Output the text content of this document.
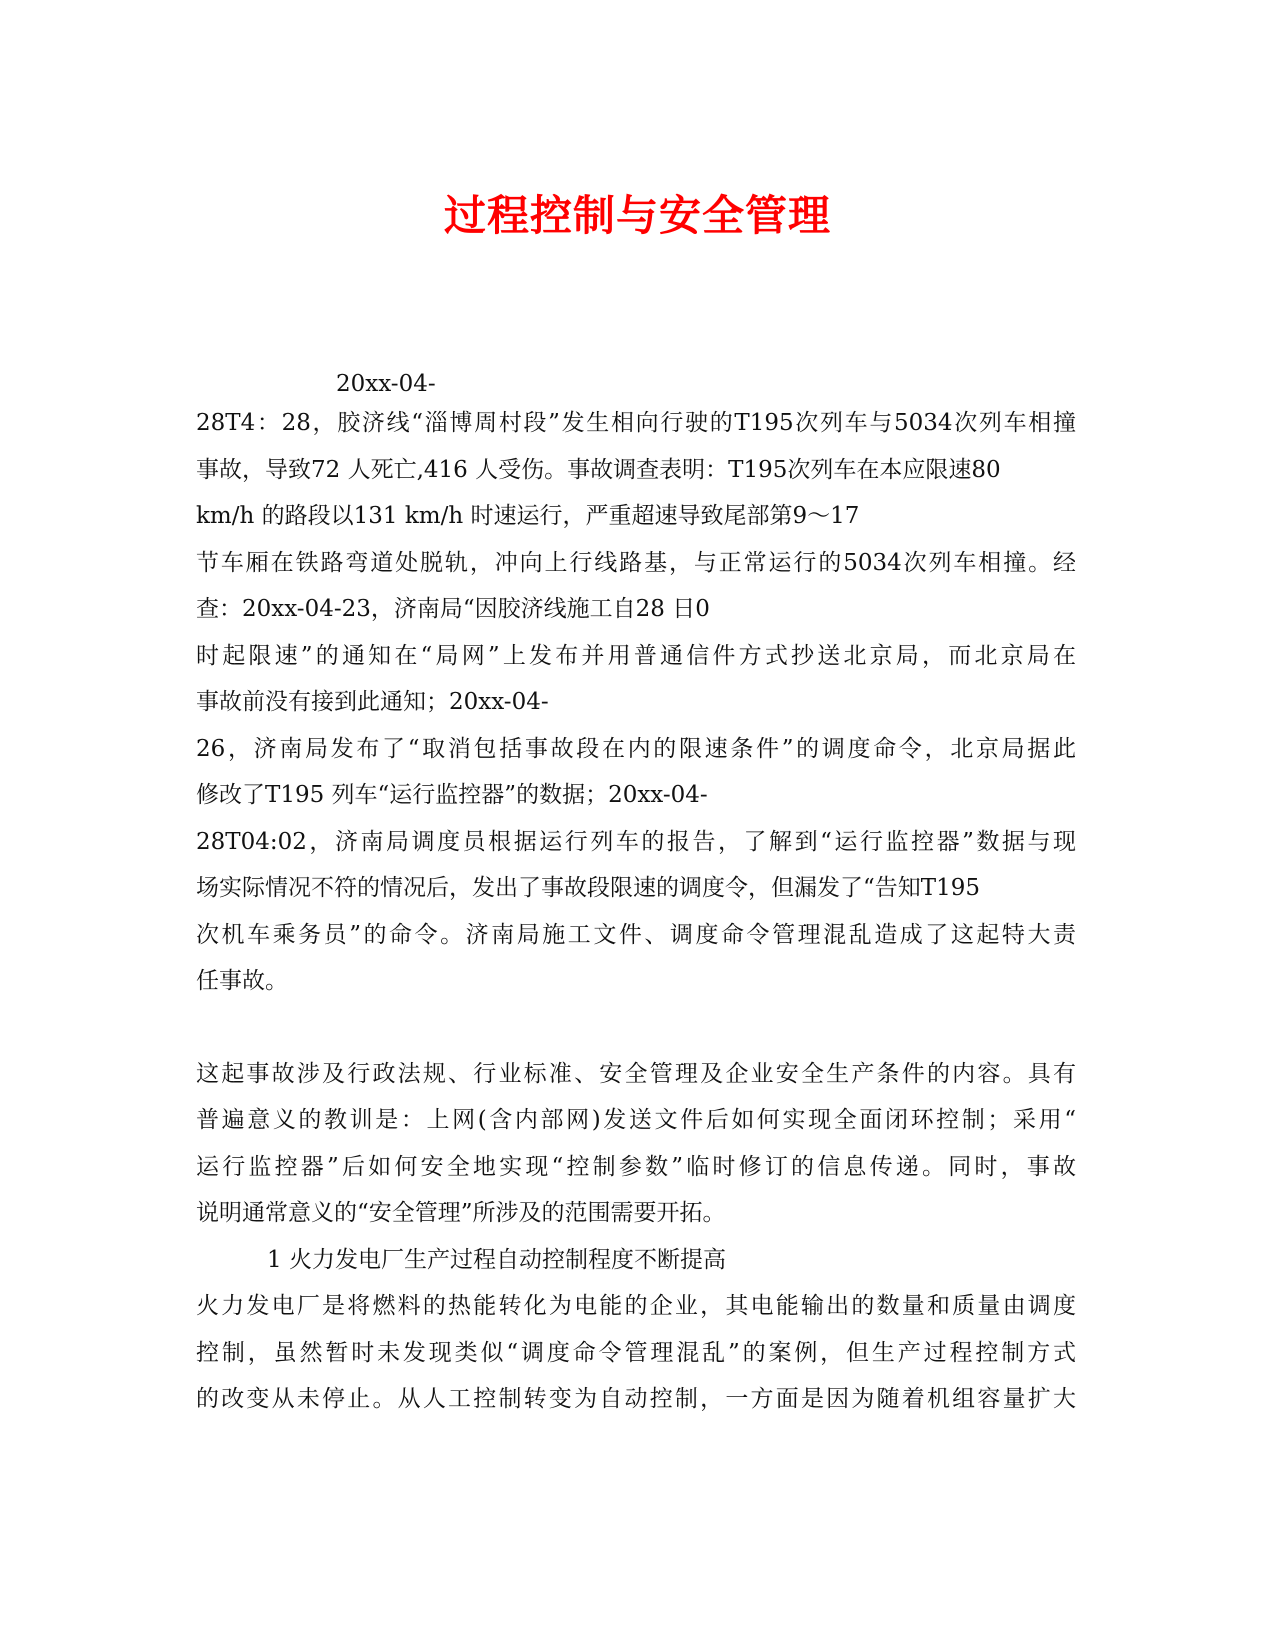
过程控制与安全管理
20xx-04-
28T4：28，胶济线“淄博周村段”发生相向行驶的T195次列车与5034次列车相撞
事故，导致72 人死亡,416 人受伤。事故调查表明：T195次列车在本应限速80
km/h 的路段以131 km/h 时速运行，严重超速导致尾部第9～17
节车厢在铁路弯道处脱轨，冲向上行线路基，与正常运行的5034次列车相撞。经
查：20xx-04-23，济南局“因胶济线施工自28 日0
时起限速”的通知在“局网”上发布并用普通信件方式抄送北京局，而北京局在
事故前没有接到此通知；20xx-04-
26，济南局发布了“取消包括事故段在内的限速条件”的调度命令，北京局据此
修改了T195 列车“运行监控器”的数据；20xx-04-
28T04:02，济南局调度员根据运行列车的报告，了解到“运行监控器”数据与现
场实际情况不符的情况后，发出了事故段限速的调度令，但漏发了“告知T195
次机车乘务员”的命令。济南局施工文件、调度命令管理混乱造成了这起特大责
任事故。
这起事故涉及行政法规、行业标准、安全管理及企业安全生产条件的内容。具有
普遍意义的教训是：上网(含内部网)发送文件后如何实现全面闭环控制；采用“
运行监控器”后如何安全地实现“控制参数”临时修订的信息传递。同时，事故
说明通常意义的“安全管理”所涉及的范围需要开拓。
1 火力发电厂生产过程自动控制程度不断提高
火力发电厂是将燃料的热能转化为电能的企业，其电能输出的数量和质量由调度
控制，虽然暂时未发现类似“调度命令管理混乱”的案例，但生产过程控制方式
的改变从未停止。从人工控制转变为自动控制，一方面是因为随着机组容量扩大
